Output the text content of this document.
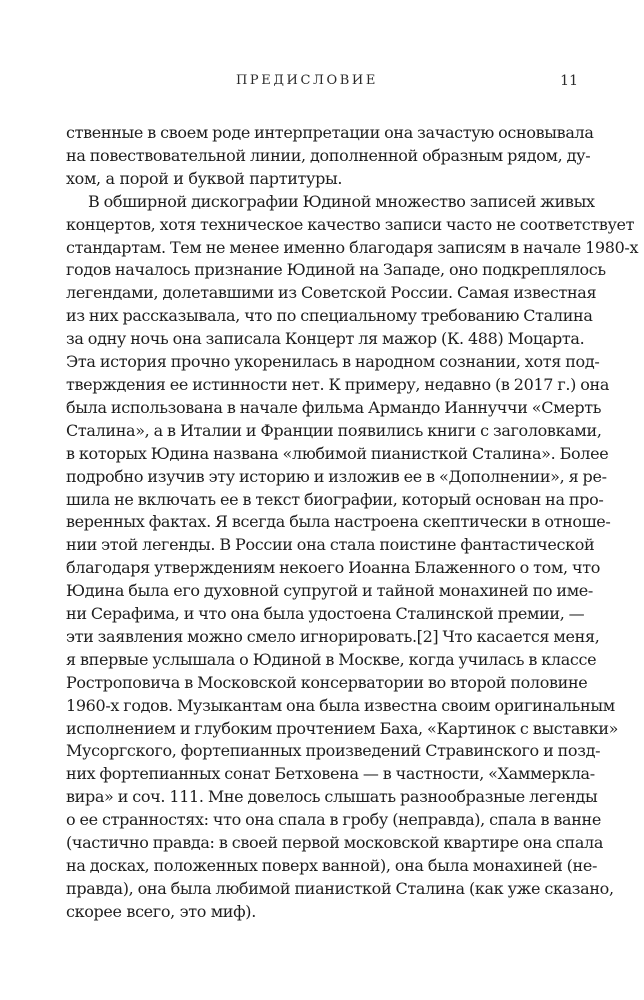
ПРЕДИСЛОВИЕ	11

ственные в своем роде интерпретации она зачастую основывала
на повествовательной линии, дополненной образным рядом, ду-
хом, а порой и буквой партитуры.

В обширной дискографии Юдиной множество записей живых
концертов, хотя техническое качество записи часто не соответствует
стандартам. Тем не менее именно благодаря записям в начале 1980-х
годов началось признание Юдиной на Западе, оно подкреплялось
легендами, долетавшими из Советской России. Самая известная
из них рассказывала, что по специальному требованию Сталина
за одну ночь она записала Концерт ля мажор (К. 488) Моцарта.
Эта история прочно укоренилась в народном сознании, хотя под-
тверждения ее истинности нет. К примеру, недавно (в 2017 г.) она
была использована в начале фильма Армандо Ианнуччи «Смерть
Сталина», а в Италии и Франции появились книги с заголовками,
в которых Юдина названа «любимой пианисткой Сталина». Более
подробно изучив эту историю и изложив ее в «Дополнении», я ре-
шила не включать ее в текст биографии, который основан на про-
веренных фактах. Я всегда была настроена скептически в отноше-
нии этой легенды. В России она стала поистине фантастической
благодаря утверждениям некоего Иоанна Блаженного о том, что
Юдина была его духовной супругой и тайной монахиней по име-
ни Серафима, и что она была удостоена Сталинской премии, —
эти заявления можно смело игнорировать.[2] Что касается меня,
я впервые услышала о Юдиной в Москве, когда училась в классе
Ростроповича в Московской консерватории во второй половине
1960-х годов. Музыкантам она была известна своим оригинальным
исполнением и глубоким прочтением Баха, «Картинок с выставки»
Мусоргского, фортепианных произведений Стравинского и позд-
них фортепианных сонат Бетховена — в частности, «Хаммеркла-
вира» и соч. 111. Мне довелось слышать разнообразные легенды
о ее странностях: что она спала в гробу (неправда), спала в ванне
(частично правда: в своей первой московской квартире она спала
на досках, положенных поверх ванной), она была монахиней (не-
правда), она была любимой пианисткой Сталина (как уже сказано,
скорее всего, это миф).
